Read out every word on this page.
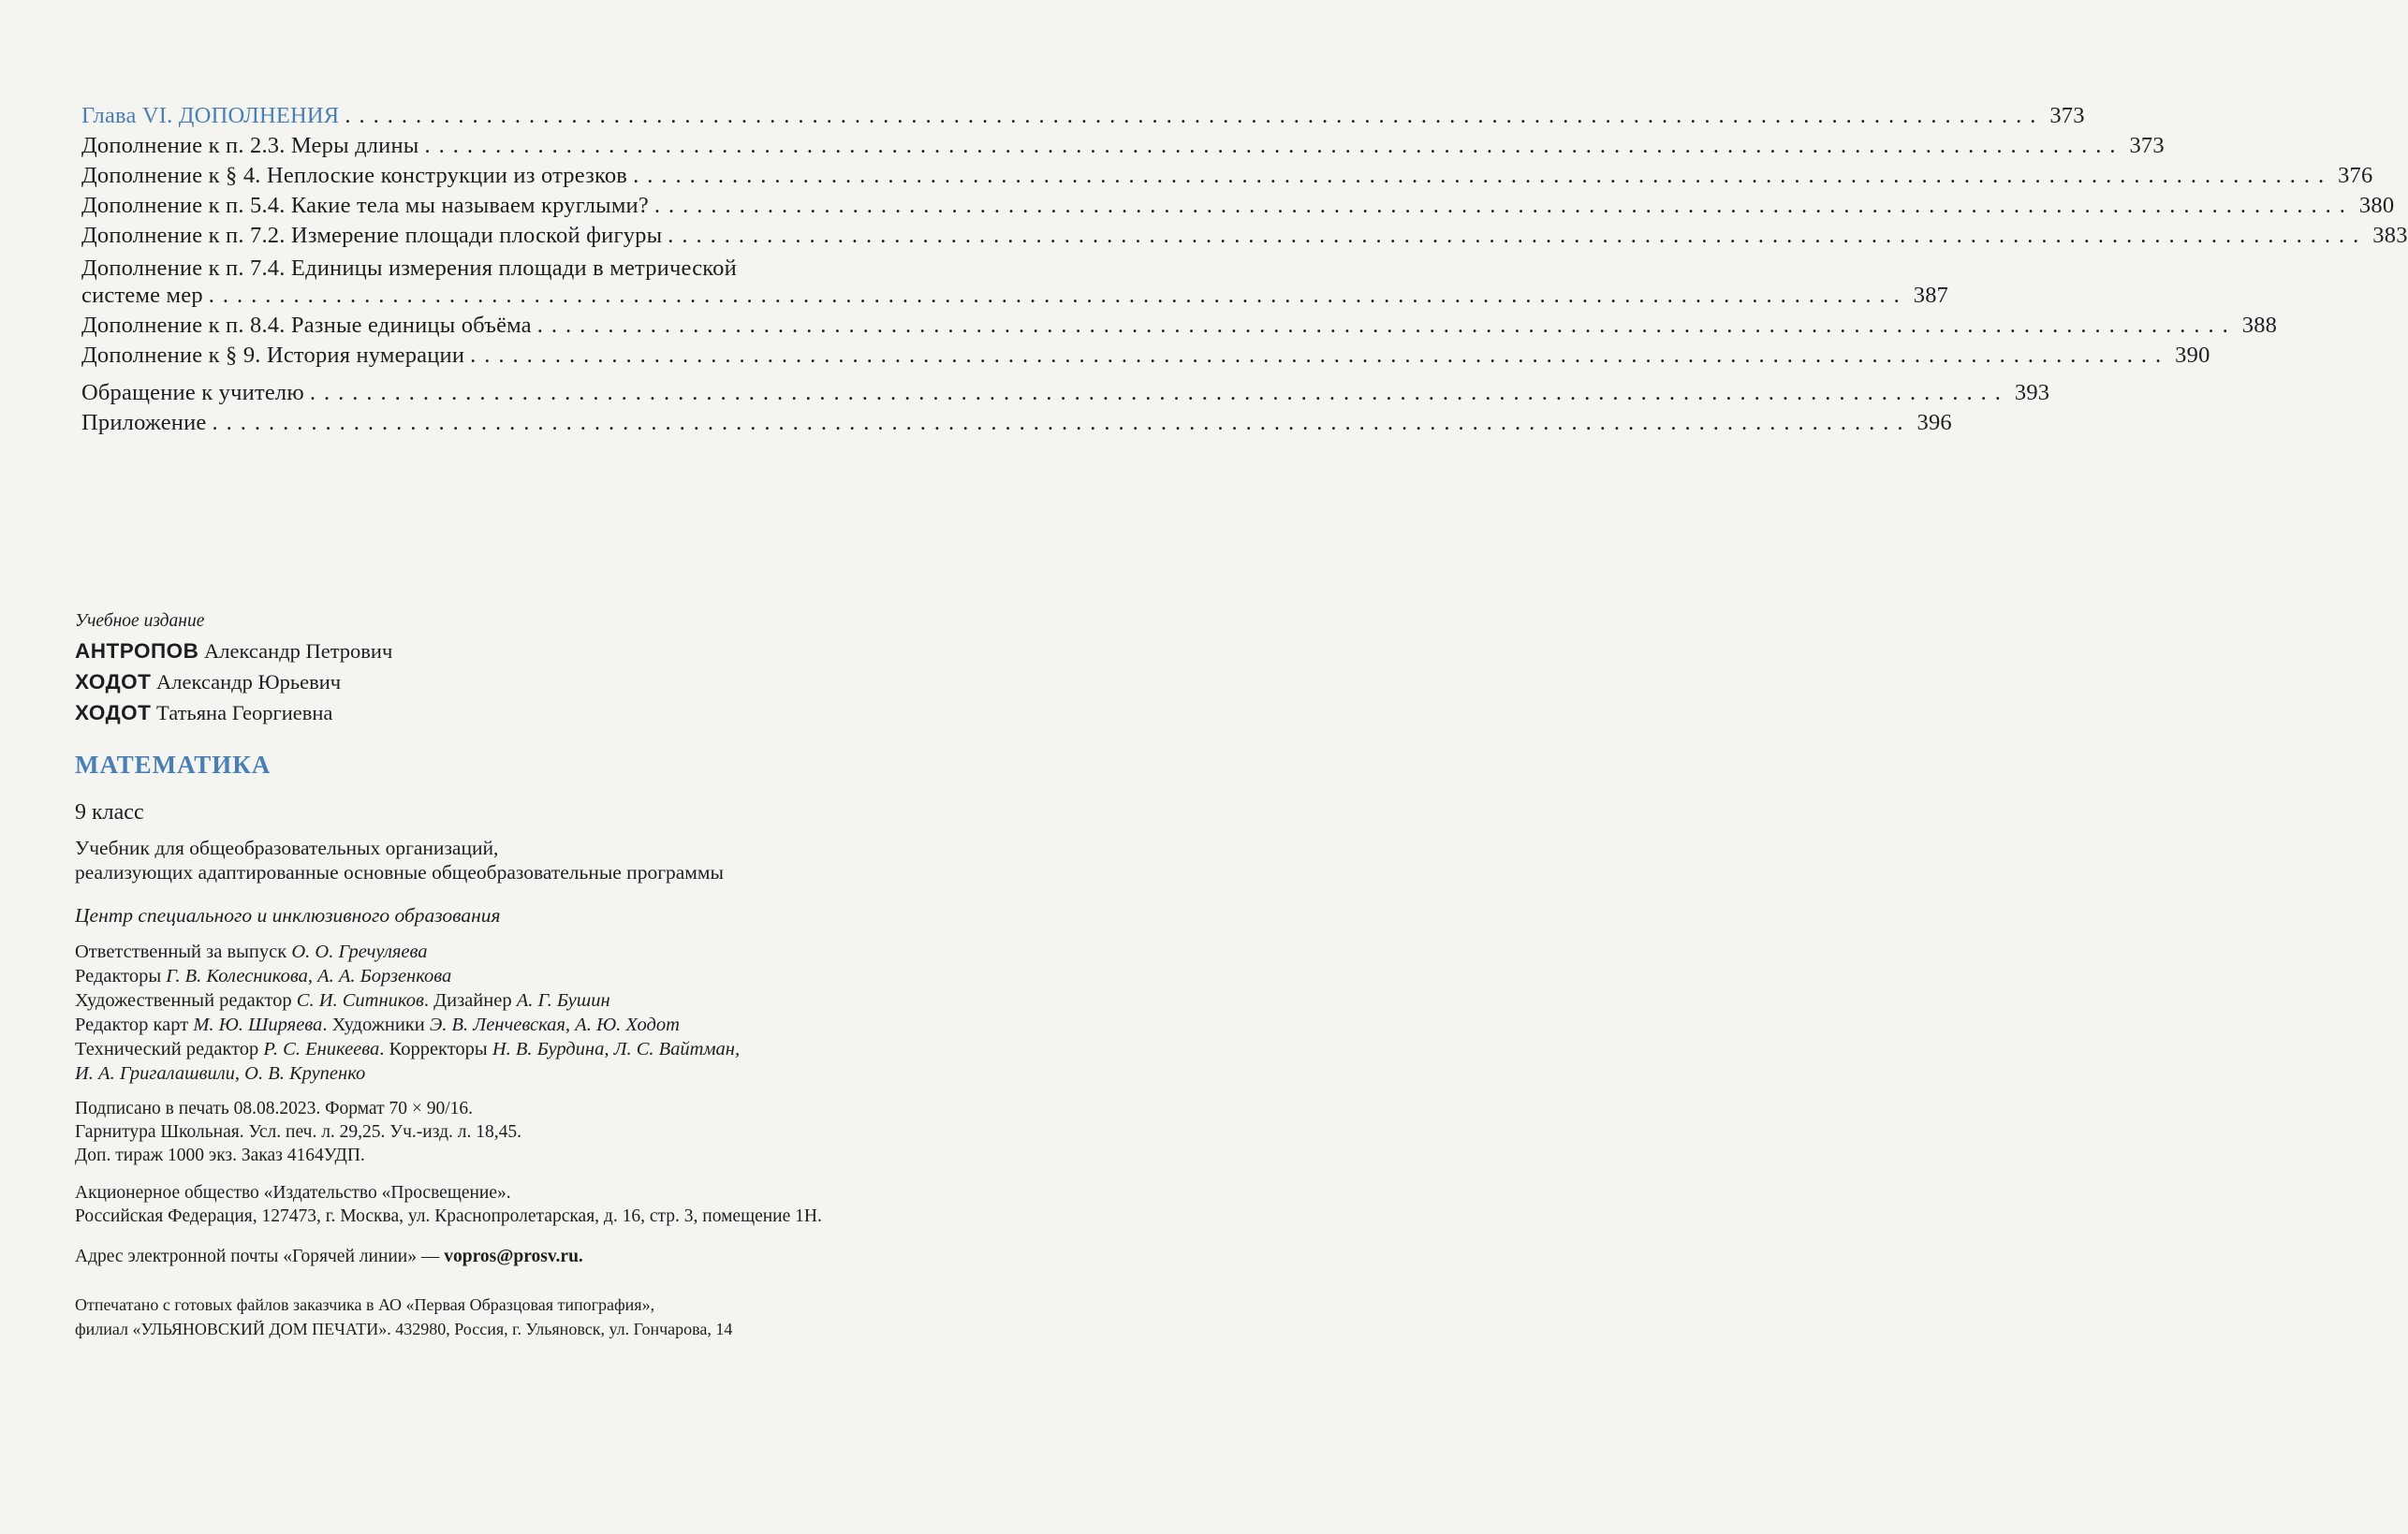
Глава VI. ДОПОЛНЕНИЯ ........................................................................................................................ 373
Дополнение к п. 2.3. Меры длины ........................................................................................................................ 373
Дополнение к § 4. Неплоские конструкции из отрезков ........................................................................................................................ 376
Дополнение к п. 5.4. Какие тела мы называем круглыми? ........................................................................................................................ 380
Дополнение к п. 7.2. Измерение площади плоской фигуры ........................................................................................................................ 383
Дополнение к п. 7.4. Единицы измерения площади в метрической
системе мер ........................................................................................................................ 387
Дополнение к п. 8.4. Разные единицы объёма ........................................................................................................................ 388
Дополнение к § 9. История нумерации ........................................................................................................................ 390
Обращение к учителю ........................................................................................................................ 393
Приложение ........................................................................................................................ 396
Учебное издание
АНТРОПОВ Александр Петрович
ХОДОТ Александр Юрьевич
ХОДОТ Татьяна Георгиевна
МАТЕМАТИКА
9 класс
Учебник для общеобразовательных организаций,
реализующих адаптированные основные общеобразовательные программы
Центр специального и инклюзивного образования
Ответственный за выпуск О. О. Гречуляева
Редакторы Г. В. Колесникова, А. А. Борзенкова
Художественный редактор С. И. Ситников. Дизайнер А. Г. Бушин
Редактор карт М. Ю. Ширяева. Художники Э. В. Ленчевская, А. Ю. Ходот
Технический редактор Р. С. Еникеева. Корректоры Н. В. Бурдина, Л. С. Вайтман,
И. А. Григалашвили, О. В. Крупенко
Подписано в печать 08.08.2023. Формат 70 × 90/16.
Гарнитура Школьная. Усл. печ. л. 29,25. Уч.-изд. л. 18,45.
Доп. тираж 1000 экз. Заказ 4164УДП.
Акционерное общество «Издательство «Просвещение».
Российская Федерация, 127473, г. Москва, ул. Краснопролетарская, д. 16, стр. 3, помещение 1Н.
Адрес электронной почты «Горячей линии» — vopros@prosv.ru.
Отпечатано с готовых файлов заказчика в АО «Первая Образцовая типография»,
филиал «УЛЬЯНОВСКИЙ ДОМ ПЕЧАТИ». 432980, Россия, г. Ульяновск, ул. Гончарова, 14
